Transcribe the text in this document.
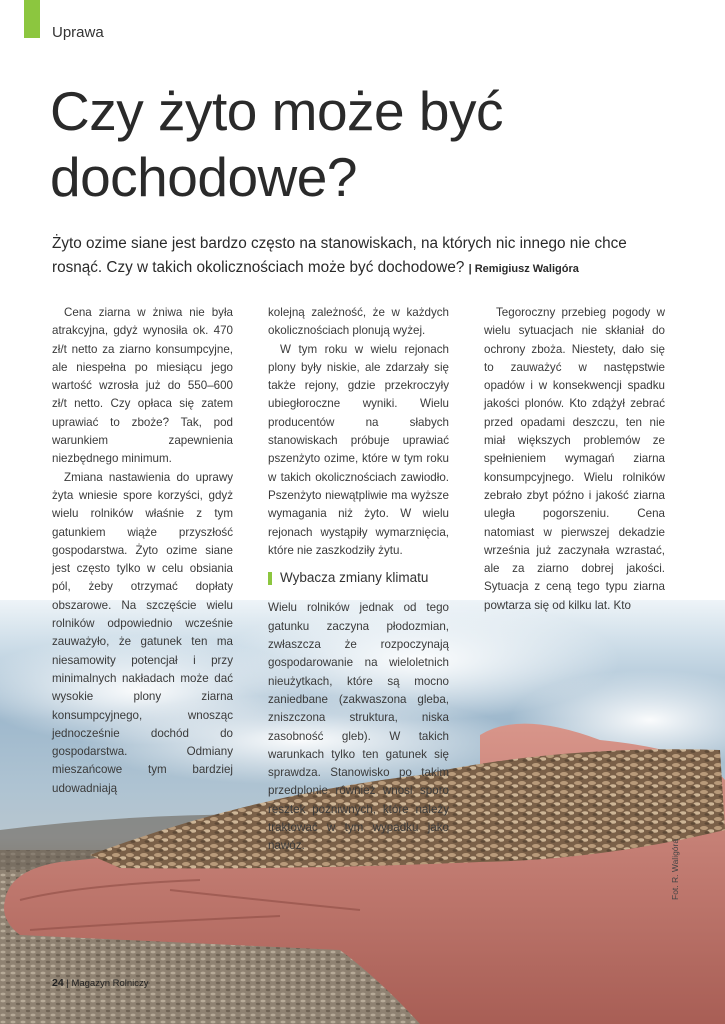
Uprawa
Czy żyto może być dochodowe?

Żyto ozime siane jest bardzo często na stanowiskach, na których nic innego nie chce rosnąć. Czy w takich okolicznościach może być dochodowe? | Remigiusz Waligóra

Cena ziarna w żniwa nie była atrakcyjna, gdyż wynosiła ok. 470 zł/t netto za ziarno konsumpcyjne, ale niespełna po miesiącu jego wartość wzrosła już do 550–600 zł/t netto. Czy opłaca się zatem uprawiać to zboże? Tak, pod warunkiem zapewnienia niezbędnego minimum.

Zmiana nastawienia do uprawy żyta wniesie spore korzyści, gdyż wielu rolników właśnie z tym gatunkiem wiąże przyszłość gospodarstwa. Żyto ozime siane jest często tylko w celu obsiania pól, żeby otrzymać dopłaty obszarowe. Na szczęście wielu rolników odpowiednio wcześnie zauważyło, że gatunek ten ma niesamowity potencjał i przy minimalnych nakładach może dać wysokie plony ziarna konsumpcyjnego, wnosząc jednocześnie dochód do gospodarstwa. Odmiany mieszańcowe tym bardziej udowadniają

kolejną zależność, że w każdych okolicznościach plonują wyżej.

W tym roku w wielu rejonach plony były niskie, ale zdarzały się także rejony, gdzie przekroczyły ubiegłoroczne wyniki. Wielu producentów na słabych stanowiskach próbuje uprawiać pszenżyto ozime, które w tym roku w takich okolicznościach zawiodło. Pszenżyto niewątpliwie ma wyższe wymagania niż żyto. W wielu rejonach wystąpiły wymarznięcia, które nie zaszkodziły żytu.

Wybacza zmiany klimatu

Wielu rolników jednak od tego gatunku zaczyna płodozmian, zwłaszcza że rozpoczynają gospodarowanie na wieloletnich nieużytkach, które są mocno zaniedbane (zakwaszona gleba, zniszczona struktura, niska zasobność gleb). W takich warunkach tylko ten gatunek się sprawdza. Stanowisko po takim przedplonie również wnosi sporo resztek pożniwnych, które należy traktować w tym wypadku jako nawóz.

Tegoroczny przebieg pogody w wielu sytuacjach nie skłaniał do ochrony zboża. Niestety, dało się to zauważyć w następstwie opadów i w konsekwencji spadku jakości plonów. Kto zdążył zebrać przed opadami deszczu, ten nie miał większych problemów ze spełnieniem wymagań ziarna konsumpcyjnego. Wielu rolników zebrało zbyt późno i jakość ziarna uległa pogorszeniu. Cena natomiast w pierwszej dekadzie września już zaczynała wzrastać, ale za ziarno dobrej jakości. Sytuacja z ceną tego typu ziarna powtarza się od kilku lat. Kto

24 | Magazyn Rolniczy
Fot. R. Waligóra
